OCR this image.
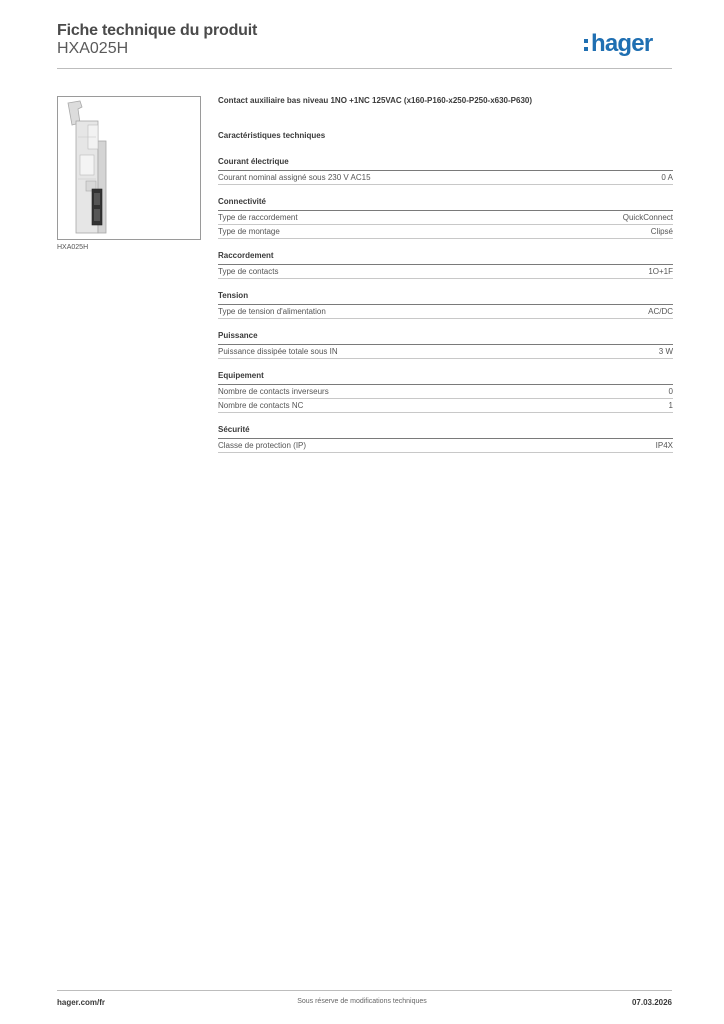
Fiche technique du produit
HXA025H	hager
HXA025H
Contact auxiliaire bas niveau 1NO +1NC 125VAC (x160-P160-x250-P250-x630-P630)
Caractéristiques techniques
Courant électrique
Courant nominal assigné sous 230 V AC15	0 A
Connectivité
Type de raccordement	QuickConnect
Type de montage	Clipsé
Raccordement
Type de contacts	1O+1F
Tension
Type de tension d'alimentation	AC/DC
Puissance
Puissance dissipée totale sous IN	3 W
Equipement
Nombre de contacts inverseurs	0
Nombre de contacts NC	1
Sécurité
Classe de protection (IP)	IP4X
hager.com/fr	Sous réserve de modifications techniques	07.03.2026
